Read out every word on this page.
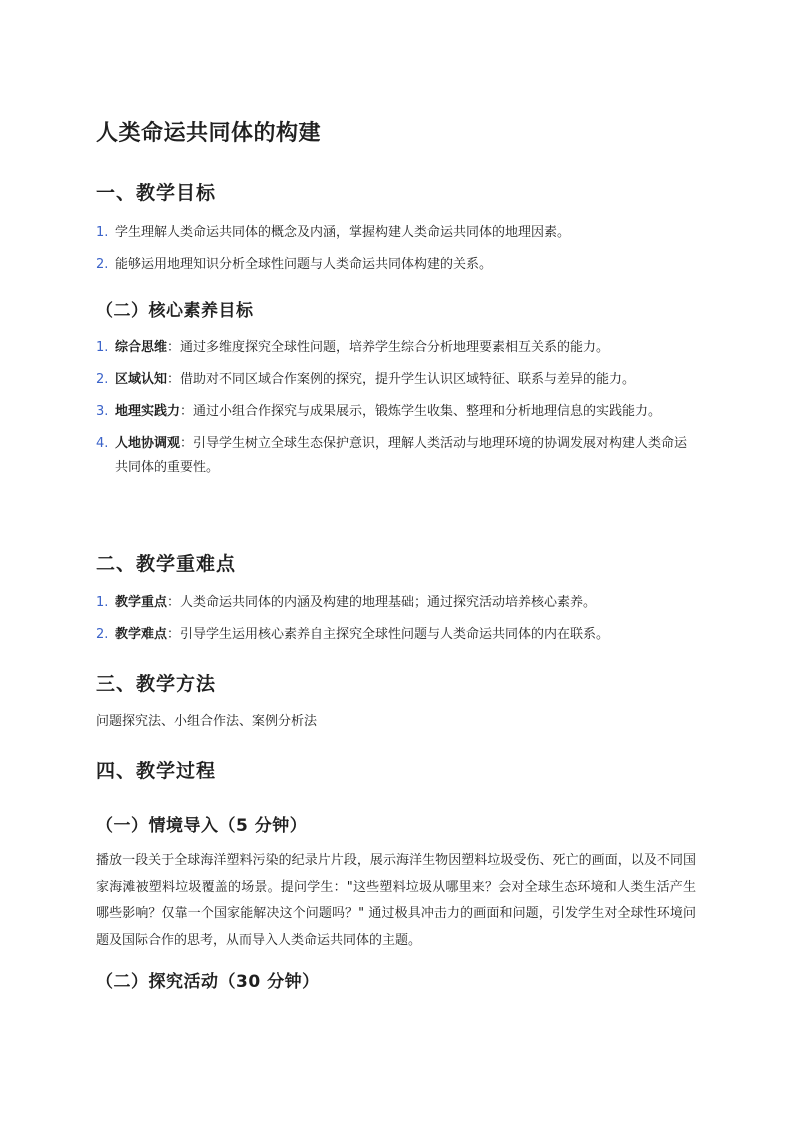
人类命运共同体的构建
一、教学目标
1. 学生理解人类命运共同体的概念及内涵，掌握构建人类命运共同体的地理因素。
2. 能够运用地理知识分析全球性问题与人类命运共同体构建的关系。
（二）核心素养目标
1. 综合思维：通过多维度探究全球性问题，培养学生综合分析地理要素相互关系的能力。
2. 区域认知：借助对不同区域合作案例的探究，提升学生认识区域特征、联系与差异的能力。
3. 地理实践力：通过小组合作探究与成果展示，锻炼学生收集、整理和分析地理信息的实践能力。
4. 人地协调观：引导学生树立全球生态保护意识，理解人类活动与地理环境的协调发展对构建人类命运共同体的重要性。
二、教学重难点
1. 教学重点：人类命运共同体的内涵及构建的地理基础；通过探究活动培养核心素养。
2. 教学难点：引导学生运用核心素养自主探究全球性问题与人类命运共同体的内在联系。
三、教学方法

问题探究法、小组合作法、案例分析法

四、教学过程
（一）情境导入（5 分钟）

播放一段关于全球海洋塑料污染的纪录片片段，展示海洋生物因塑料垃圾受伤、死亡的画面，以及不同国家海滩被塑料垃圾覆盖的场景。提问学生："这些塑料垃圾从哪里来？会对全球生态环境和人类生活产生哪些影响？仅靠一个国家能解决这个问题吗？" 通过极具冲击力的画面和问题，引发学生对全球性环境问题及国际合作的思考，从而导入人类命运共同体的主题。

（二）探究活动（30 分钟）
